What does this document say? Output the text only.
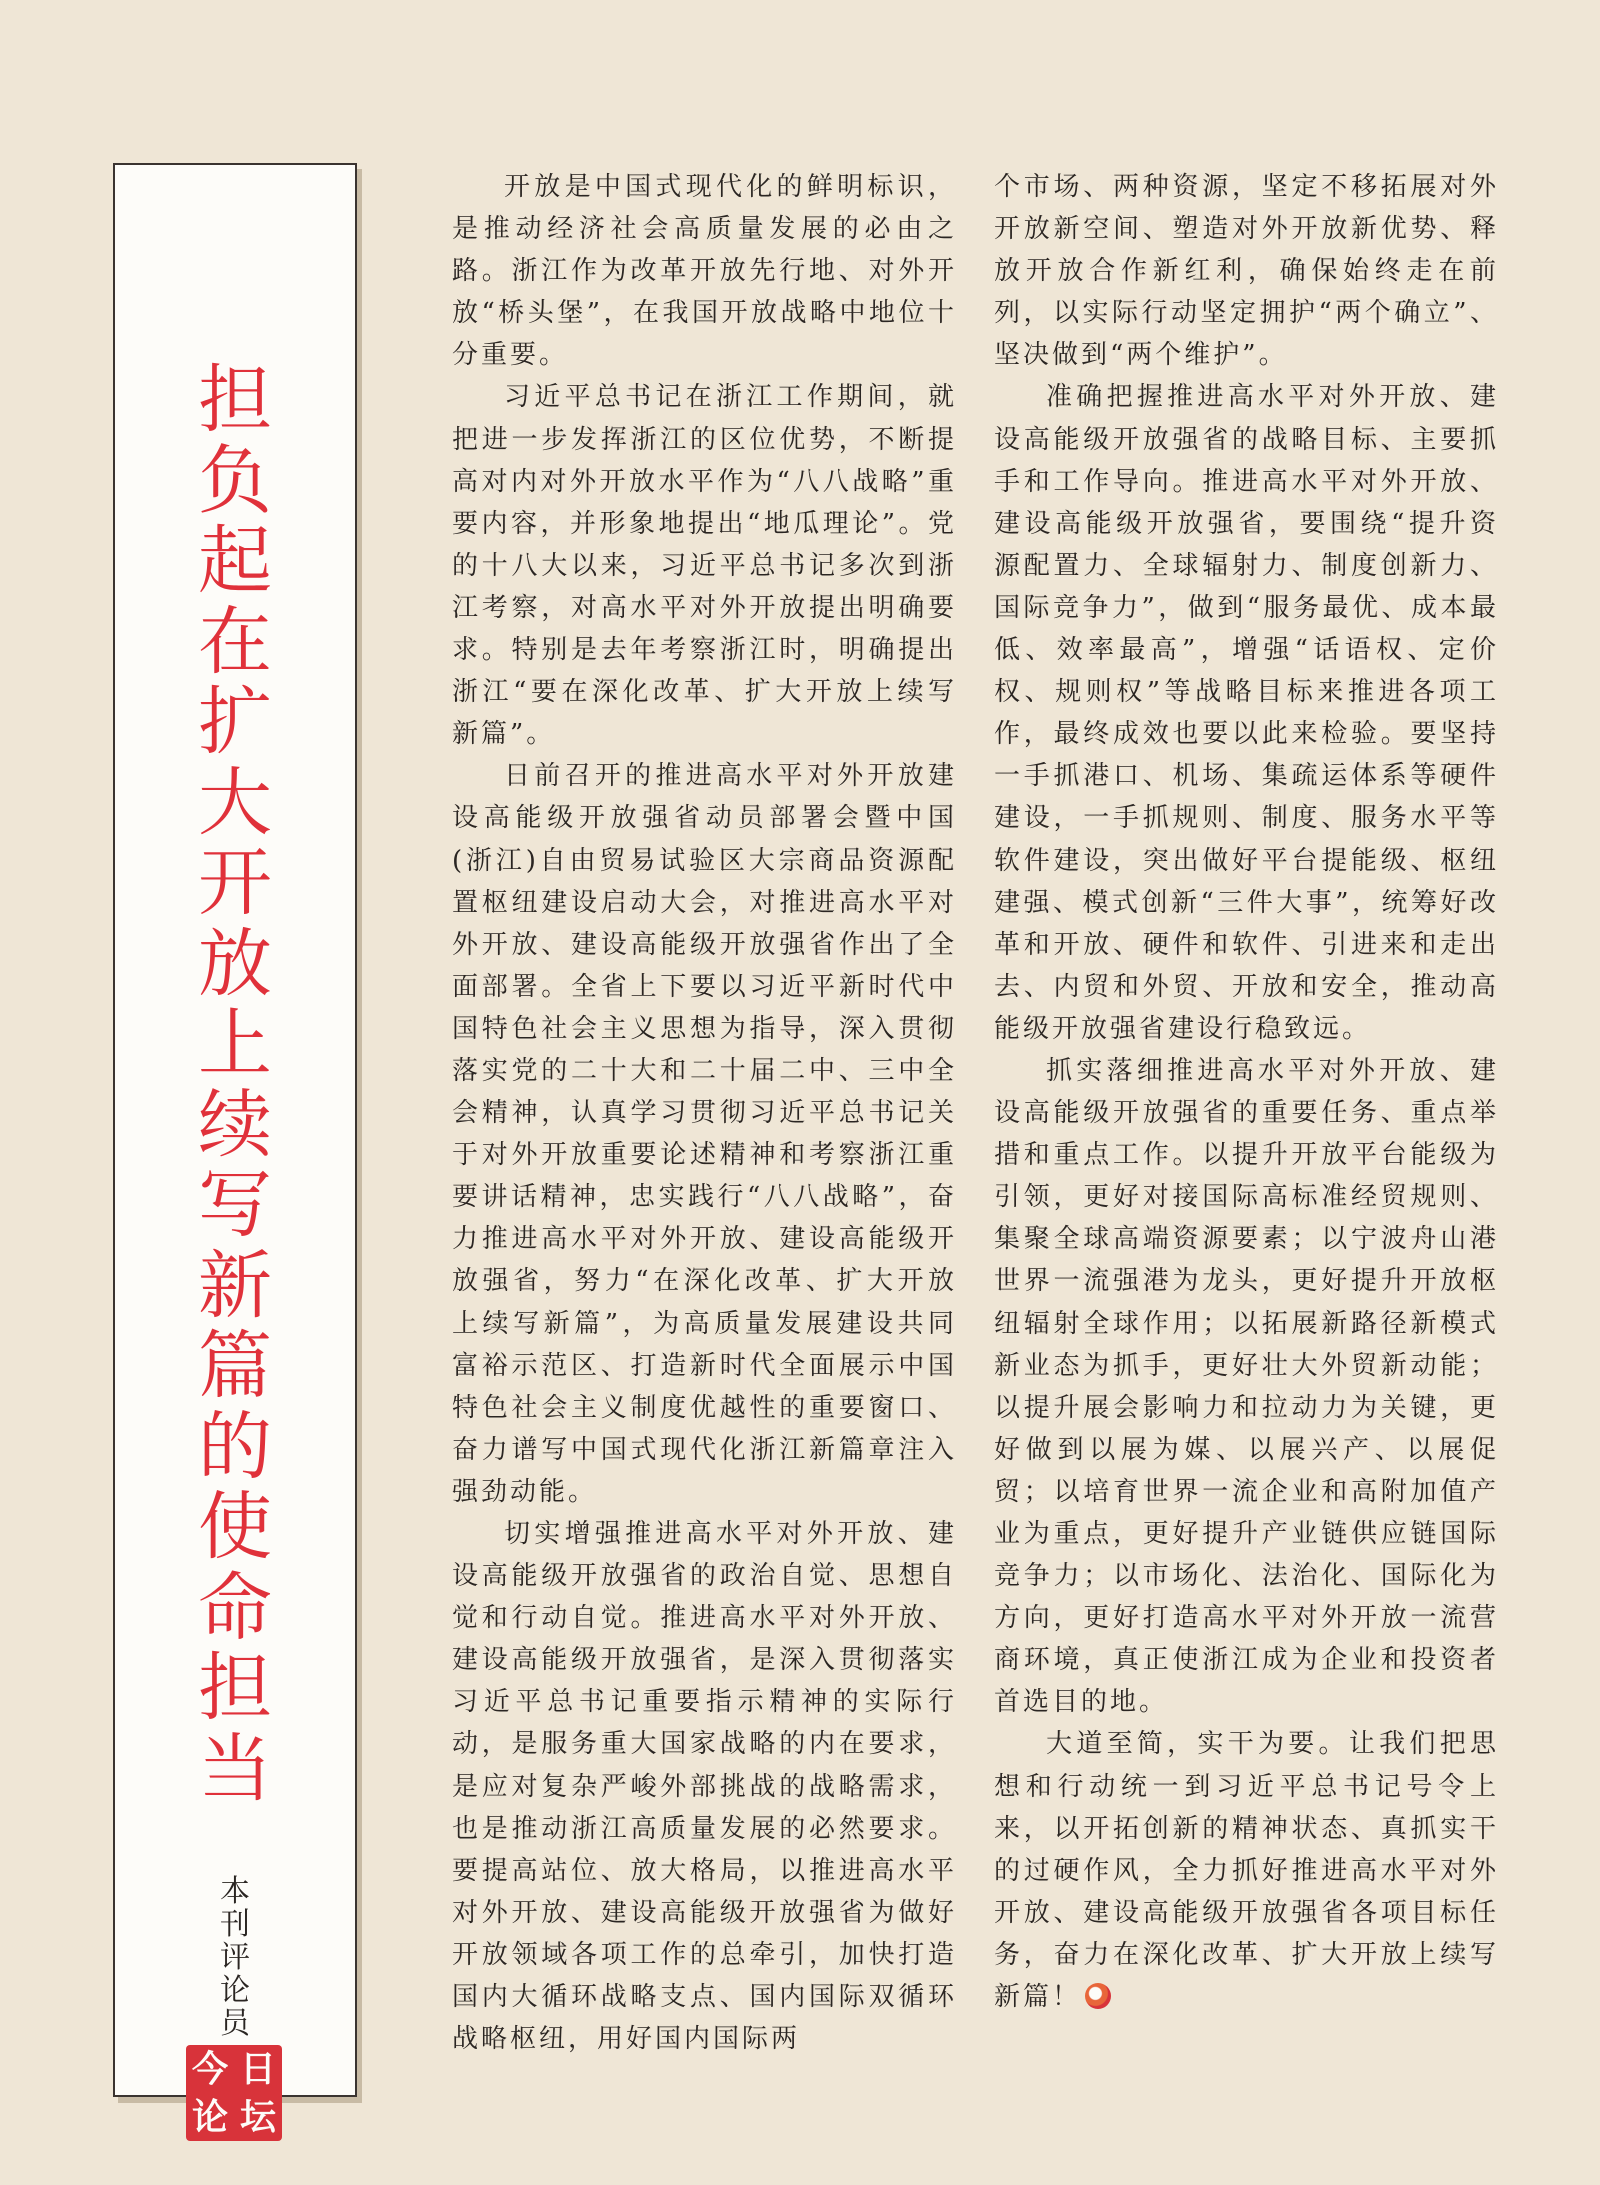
担负起在扩大开放上续写新篇的使命担当
本刊评论员
今 日
论 坛

开放是中国式现代化的鲜明标识，是推动经济社会高质量发展的必由之路。浙江作为改革开放先行地、对外开放“桥头堡”，在我国开放战略中地位十分重要。

习近平总书记在浙江工作期间，就把进一步发挥浙江的区位优势，不断提高对内对外开放水平作为“八八战略”重要内容，并形象地提出“地瓜理论”。党的十八大以来，习近平总书记多次到浙江考察，对高水平对外开放提出明确要求。特别是去年考察浙江时，明确提出浙江“要在深化改革、扩大开放上续写新篇”。

日前召开的推进高水平对外开放建设高能级开放强省动员部署会暨中国(浙江)自由贸易试验区大宗商品资源配置枢纽建设启动大会，对推进高水平对外开放、建设高能级开放强省作出了全面部署。全省上下要以习近平新时代中国特色社会主义思想为指导，深入贯彻落实党的二十大和二十届二中、三中全会精神，认真学习贯彻习近平总书记关于对外开放重要论述精神和考察浙江重要讲话精神，忠实践行“八八战略”，奋力推进高水平对外开放、建设高能级开放强省，努力“在深化改革、扩大开放上续写新篇”，为高质量发展建设共同富裕示范区、打造新时代全面展示中国特色社会主义制度优越性的重要窗口、奋力谱写中国式现代化浙江新篇章注入强劲动能。

切实增强推进高水平对外开放、建设高能级开放强省的政治自觉、思想自觉和行动自觉。推进高水平对外开放、建设高能级开放强省，是深入贯彻落实习近平总书记重要指示精神的实际行动，是服务重大国家战略的内在要求，是应对复杂严峻外部挑战的战略需求，也是推动浙江高质量发展的必然要求。要提高站位、放大格局，以推进高水平对外开放、建设高能级开放强省为做好开放领域各项工作的总牵引，加快打造国内大循环战略支点、国内国际双循环战略枢纽，用好国内国际两

个市场、两种资源，坚定不移拓展对外开放新空间、塑造对外开放新优势、释放开放合作新红利，确保始终走在前列，以实际行动坚定拥护“两个确立”、坚决做到“两个维护”。

准确把握推进高水平对外开放、建设高能级开放强省的战略目标、主要抓手和工作导向。推进高水平对外开放、建设高能级开放强省，要围绕“提升资源配置力、全球辐射力、制度创新力、国际竞争力”，做到“服务最优、成本最低、效率最高”，增强“话语权、定价权、规则权”等战略目标来推进各项工作，最终成效也要以此来检验。要坚持一手抓港口、机场、集疏运体系等硬件建设，一手抓规则、制度、服务水平等软件建设，突出做好平台提能级、枢纽建强、模式创新“三件大事”，统筹好改革和开放、硬件和软件、引进来和走出去、内贸和外贸、开放和安全，推动高能级开放强省建设行稳致远。

抓实落细推进高水平对外开放、建设高能级开放强省的重要任务、重点举措和重点工作。以提升开放平台能级为引领，更好对接国际高标准经贸规则、集聚全球高端资源要素；以宁波舟山港世界一流强港为龙头，更好提升开放枢纽辐射全球作用；以拓展新路径新模式新业态为抓手，更好壮大外贸新动能；以提升展会影响力和拉动力为关键，更好做到以展为媒、以展兴产、以展促贸；以培育世界一流企业和高附加值产业为重点，更好提升产业链供应链国际竞争力；以市场化、法治化、国际化为方向，更好打造高水平对外开放一流营商环境，真正使浙江成为企业和投资者首选目的地。

大道至简，实干为要。让我们把思想和行动统一到习近平总书记号令上来，以开拓创新的精神状态、真抓实干的过硬作风，全力抓好推进高水平对外开放、建设高能级开放强省各项目标任务，奋力在深化改革、扩大开放上续写新篇！
